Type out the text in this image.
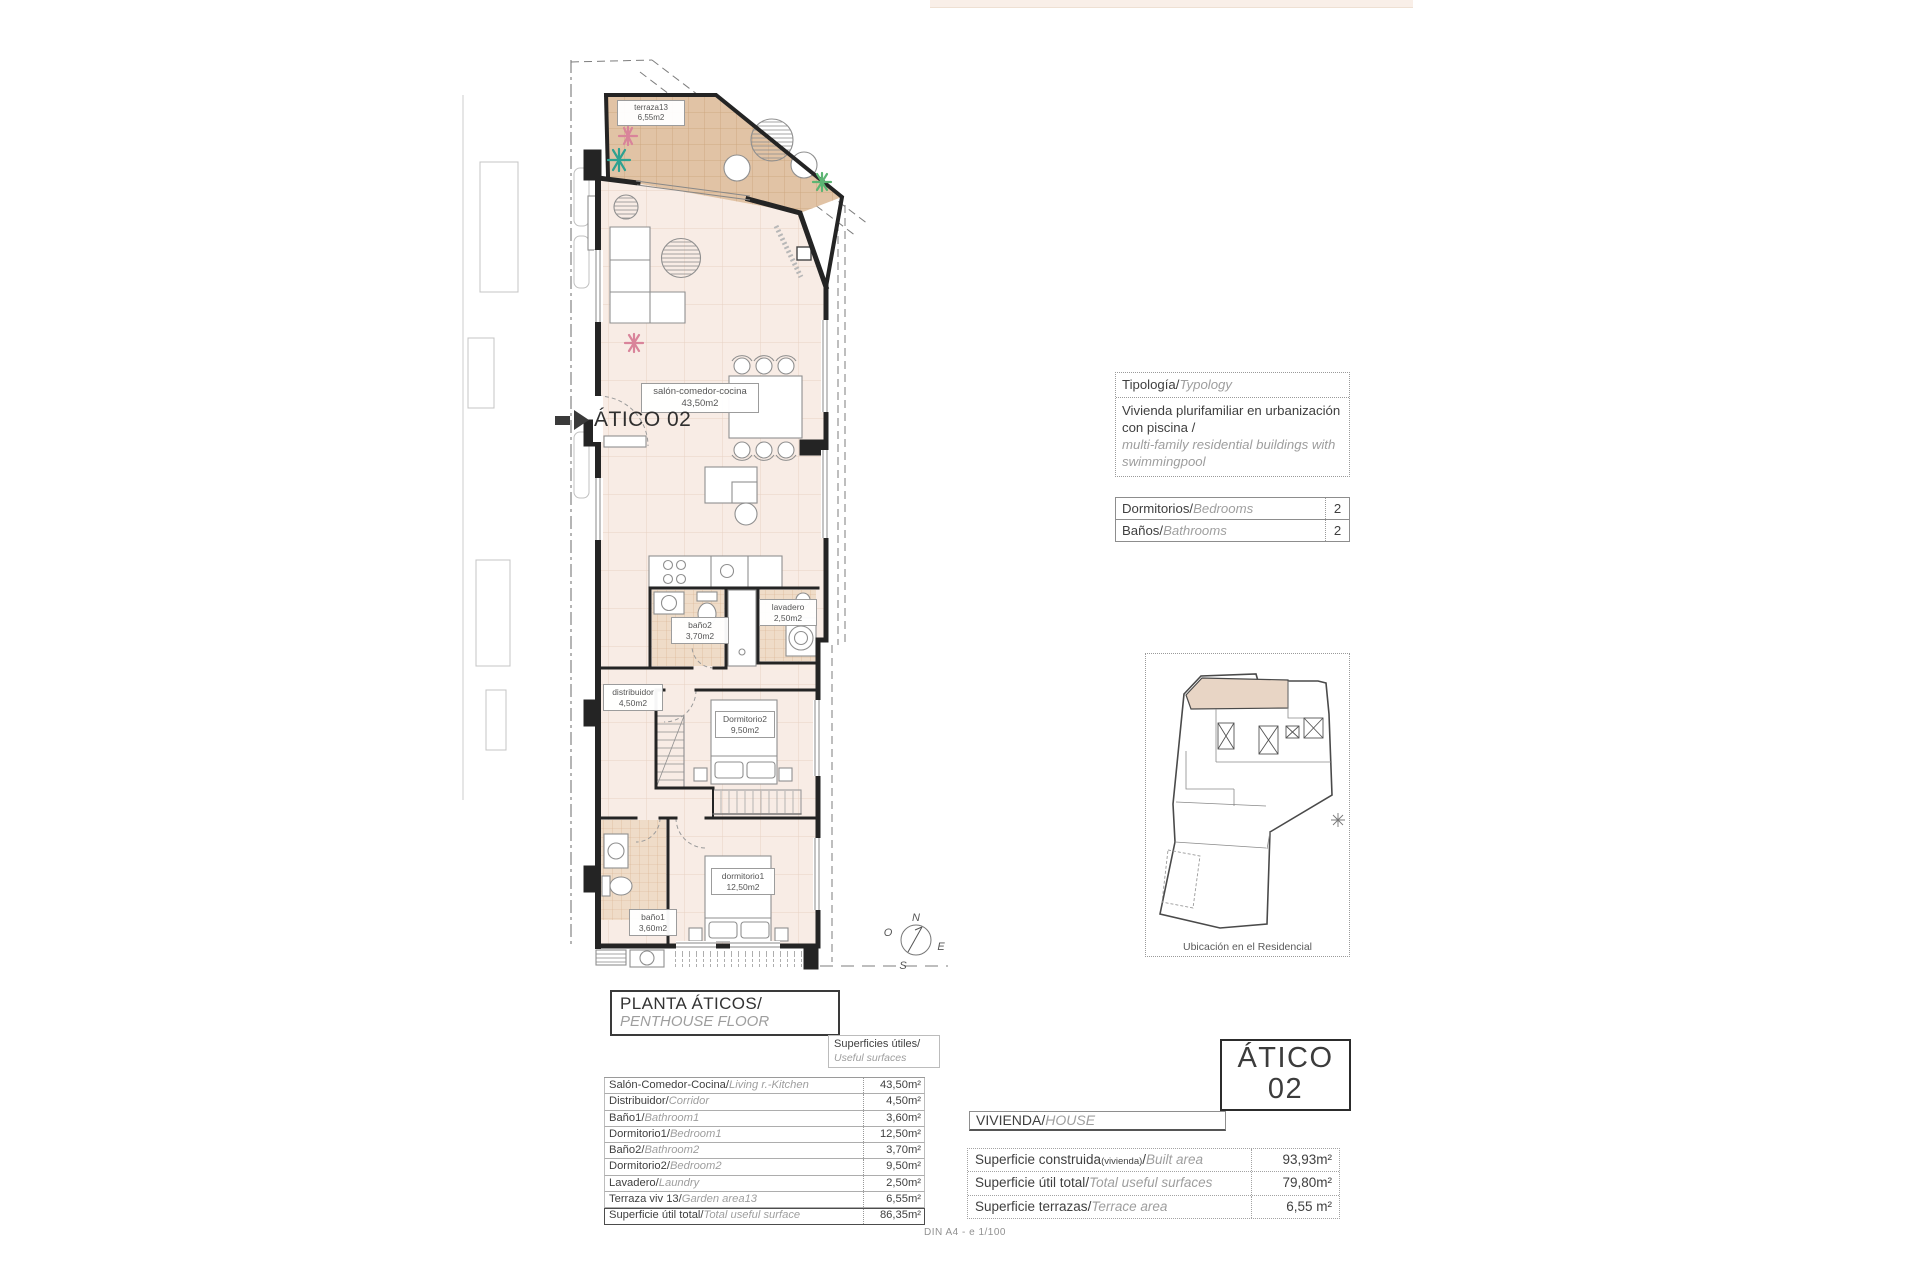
N
E
S
O
terraza13
6,55m2
salón-comedor-cocina
43,50m2
baño2
3,70m2
lavadero
2,50m2
distribuidor
4,50m2
Dormitorio2
9,50m2
dormitorio1
12,50m2
baño1
3,60m2
ÁTICO 02
Tipología/Typology
Vivienda plurifamiliar en urbanización con piscina /
multi-family residential buildings with swimmingpool
Dormitorios/Bedrooms	2
Baños/Bathrooms	2
Ubicación en el Residencial
PLANTA ÁTICOS/
PENTHOUSE FLOOR
Superficies útiles/
Useful surfaces
Salón-Comedor-Cocina/Living r.-Kitchen	43,50m²
Distribuidor/Corridor	4,50m²
Baño1/Bathroom1	3,60m²
Dormitorio1/Bedroom1	12,50m²
Baño2/Bathroom2	3,70m²
Dormitorio2/Bedroom2	9,50m²
Lavadero/Laundry	2,50m²
Terraza viv 13/Garden area13	6,55m²
Superficie útil total/Total useful surface	86,35m²
ÁTICO
02
VIVIENDA/HOUSE
Superficie construida(vivienda)/Built area	93,93m²
Superficie útil total/Total useful surfaces	79,80m²
Superficie terrazas/Terrace area	6,55 m²
DIN A4 - e 1/100
